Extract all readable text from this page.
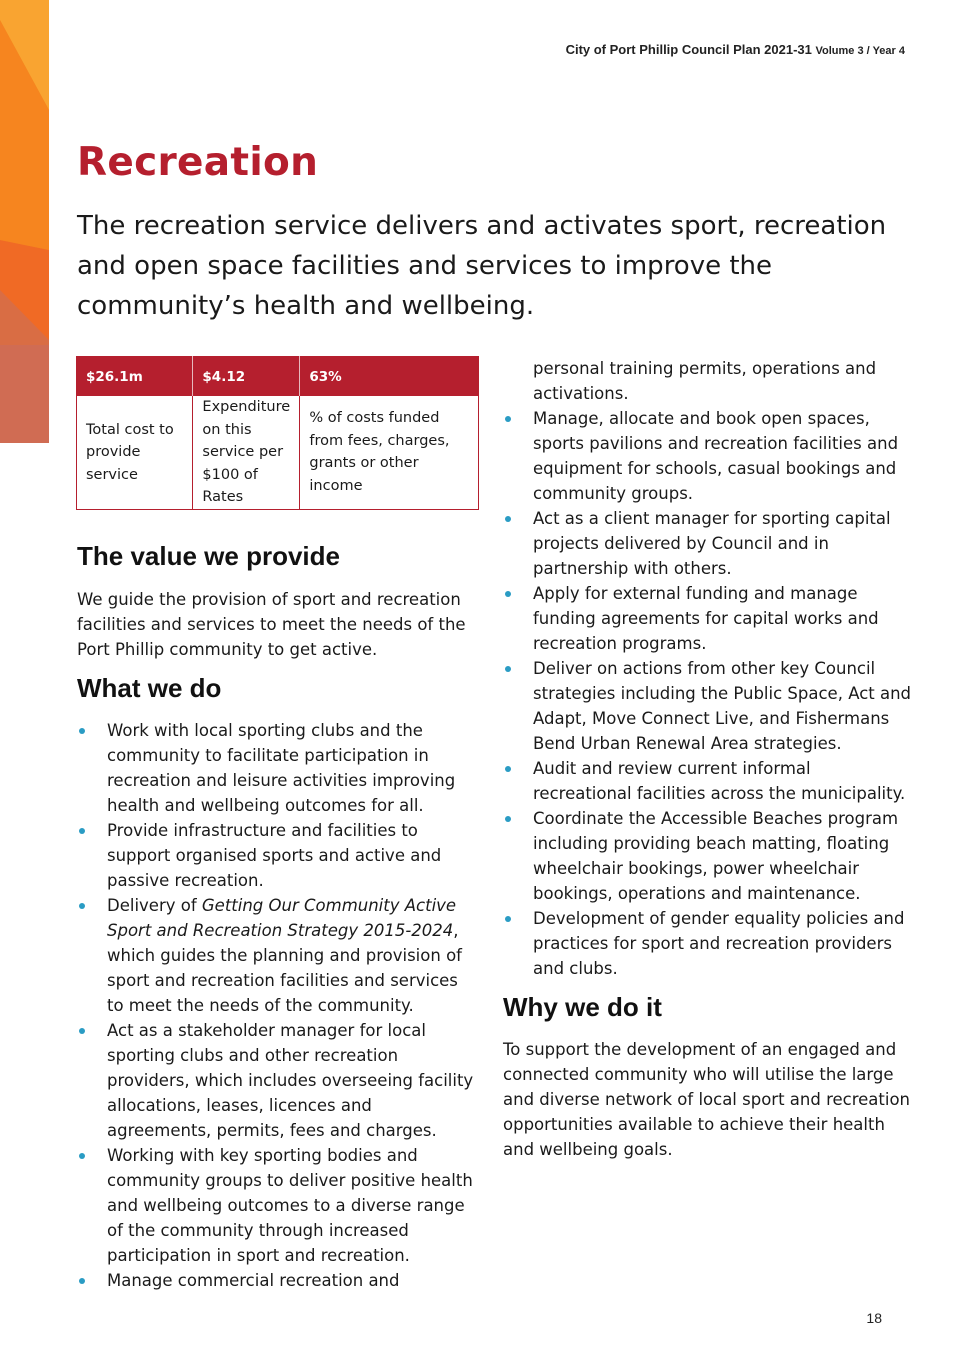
City of Port Phillip Council Plan 2021-31 Volume 3 / Year 4
Recreation

The recreation service delivers and activates sport, recreation and open space facilities and services to improve the community’s health and wellbeing.

$26.1m	$4.12	63%
Total cost to provide service	Expenditure on this service per $100 of Rates	% of costs funded from fees, charges, grants or other income
The value we provide

We guide the provision of sport and recreation facilities and services to meet the needs of the Port Phillip community to get active.

What we do
Work with local sporting clubs and the community to facilitate participation in recreation and leisure activities improving health and wellbeing outcomes for all.
Provide infrastructure and facilities to support organised sports and active and passive recreation.
Delivery of Getting Our Community Active Sport and Recreation Strategy 2015-2024, which guides the planning and provision of sport and recreation facilities and services to meet the needs of the community.
Act as a stakeholder manager for local sporting clubs and other recreation providers, which includes overseeing facility allocations, leases, licences and agreements, permits, fees and charges.
Working with key sporting bodies and community groups to deliver positive health and wellbeing outcomes to a diverse range of the community through increased participation in sport and recreation.
Manage commercial recreation and

personal training permits, operations and activations.

Manage, allocate and book open spaces, sports pavilions and recreation facilities and equipment for schools, casual bookings and community groups.
Act as a client manager for sporting capital projects delivered by Council and in partnership with others.
Apply for external funding and manage funding agreements for capital works and recreation programs.
Deliver on actions from other key Council strategies including the Public Space, Act and Adapt, Move Connect Live, and Fishermans Bend Urban Renewal Area strategies.
Audit and review current informal recreational facilities across the municipality.
Coordinate the Accessible Beaches program including providing beach matting, floating wheelchair bookings, power wheelchair bookings, operations and maintenance.
Development of gender equality policies and practices for sport and recreation providers and clubs.
Why we do it

To support the development of an engaged and connected community who will utilise the large and diverse network of local sport and recreation opportunities available to achieve their health and wellbeing goals.

18
